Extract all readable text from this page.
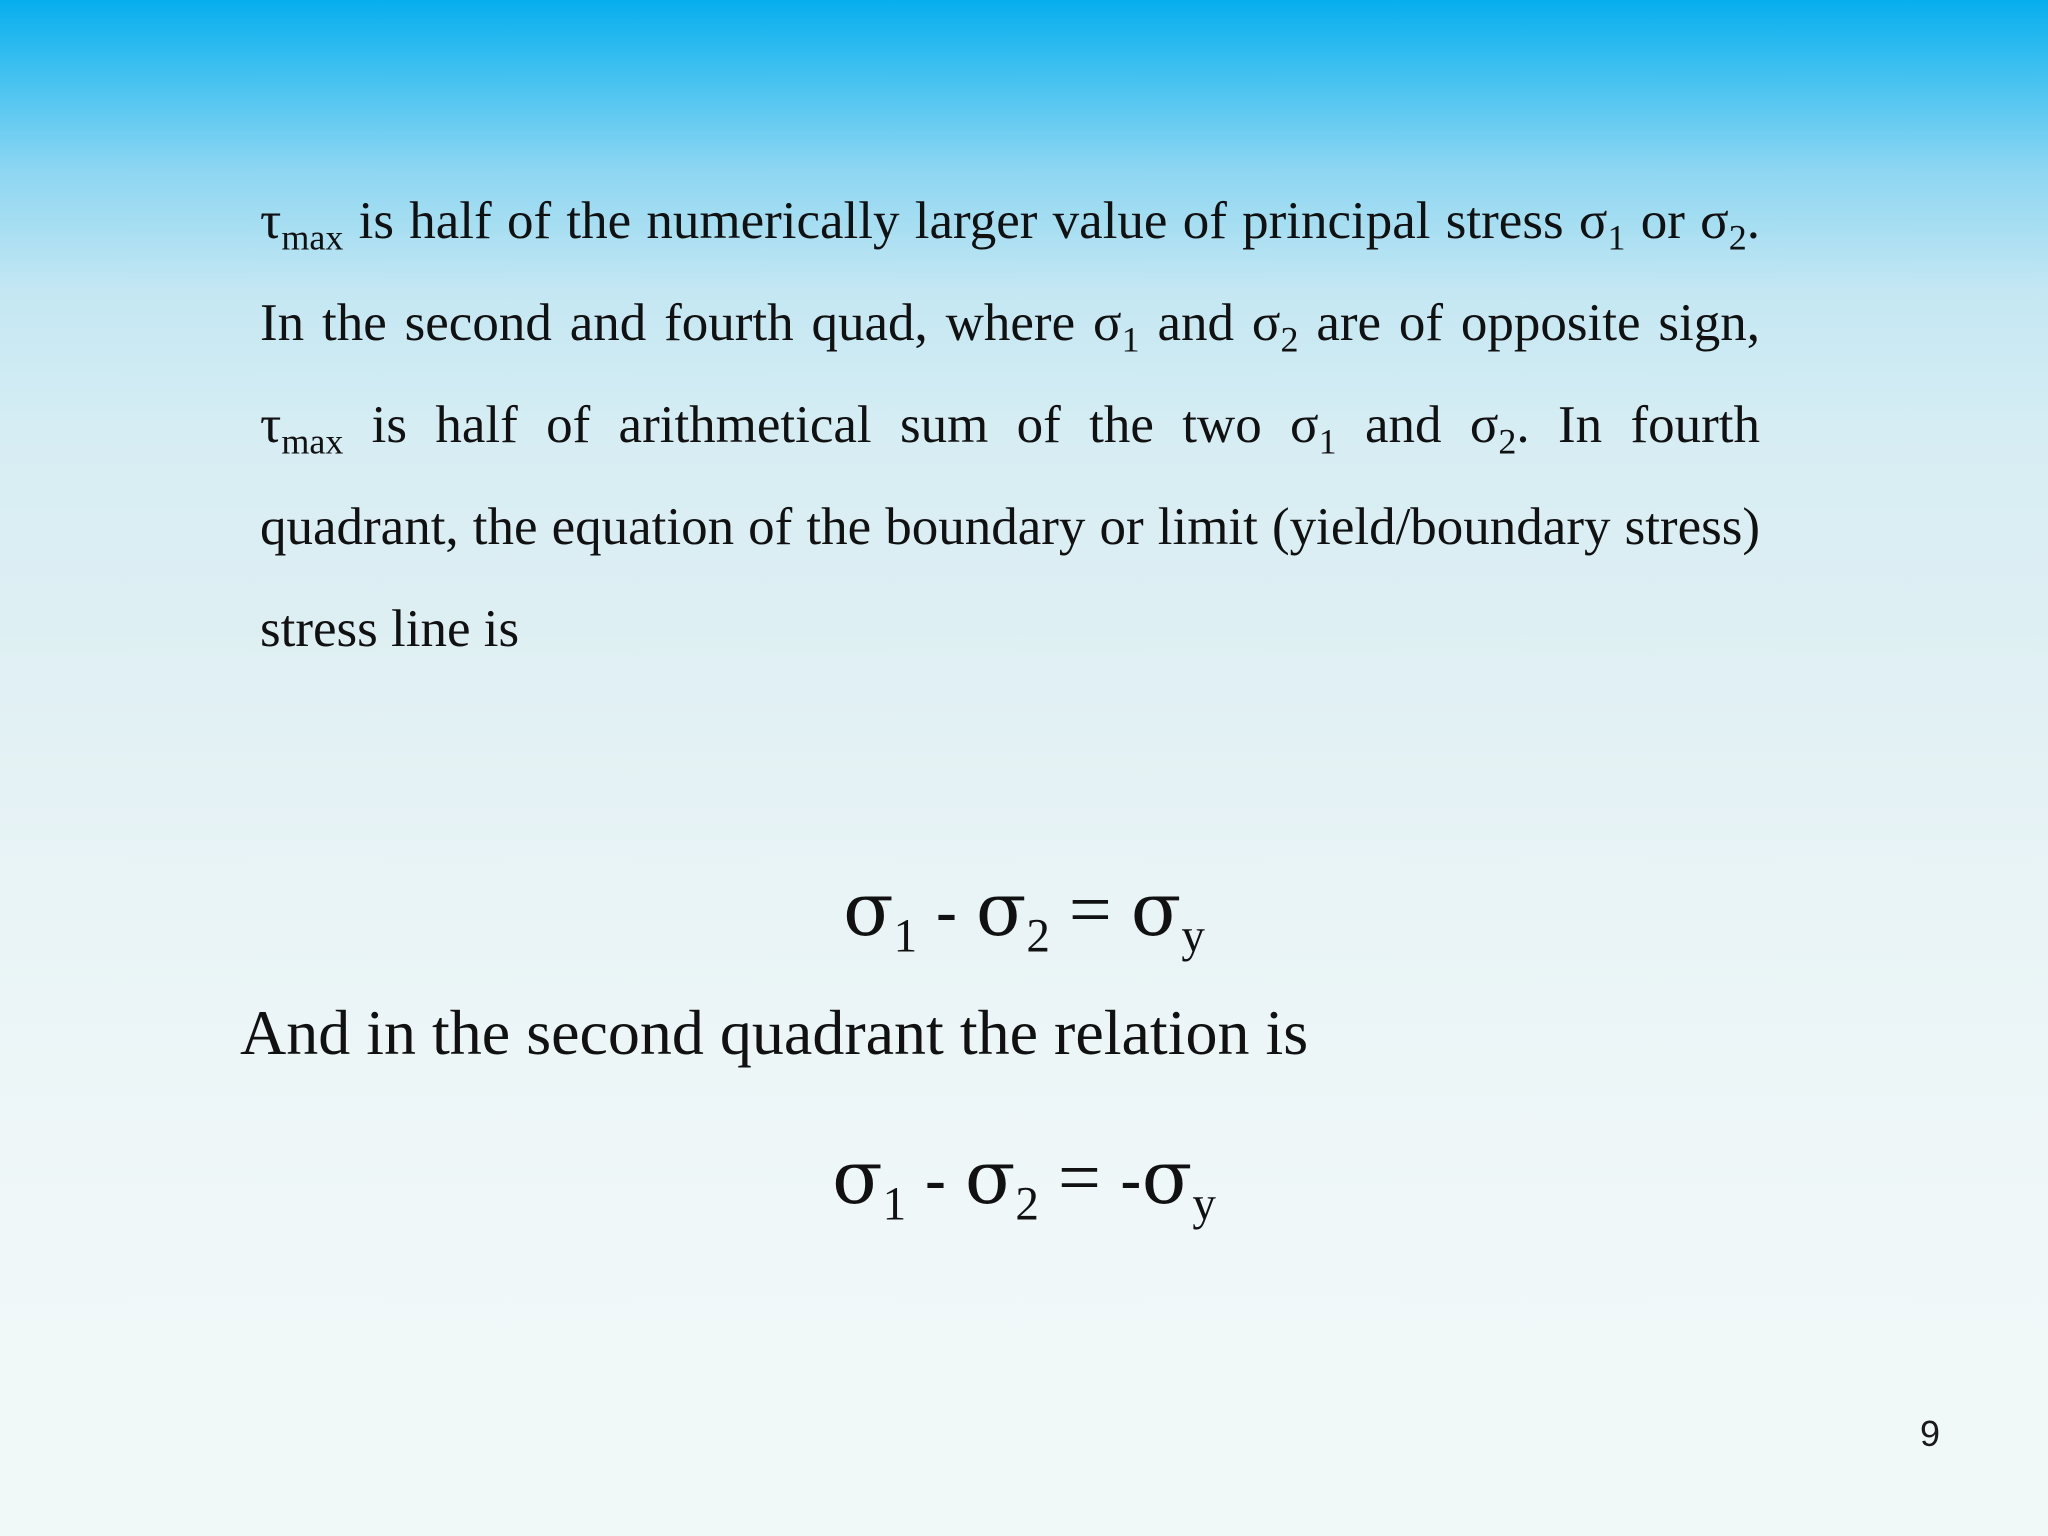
$\tau_{max}$ is half of the numerically larger value of principal stress $\sigma_1$ or $\sigma_2$. In the second and fourth quad, where $\sigma_1$ and $\sigma_2$ are of opposite sign, $\tau_{max}$ is half of arithmetical sum of the two $\sigma_1$ and $\sigma_2$. In fourth quadrant, the equation of the boundary or limit (yield/boundary stress) stress line is

$\sigma_1 - \sigma_2 = \sigma_y$
And in the second quadrant the relation is
$\sigma_1 - \sigma_2 = -\sigma_y$
9
